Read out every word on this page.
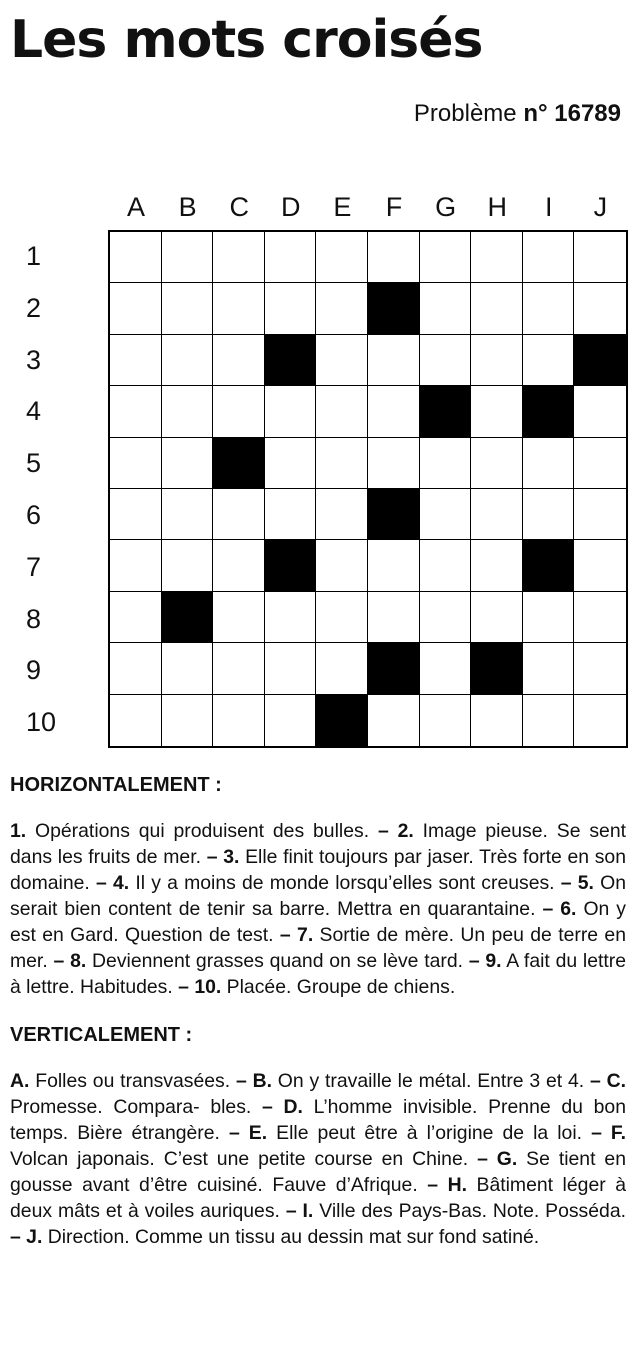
Les mots croisés
Problème n° 16789
A	B	C	D	E	F	G	H	I	J
1
2
3
4
5
6
7
8
9
10

HORIZONTALEMENT :

1. Opérations qui produisent des bulles. – 2. Image pieuse. Se sent dans les fruits de mer. – 3. Elle finit toujours par jaser. Très forte en son domaine. – 4. Il y a moins de monde lorsqu’elles sont creuses. – 5. On serait bien content de tenir sa barre. Mettra en quarantaine. – 6. On y est en Gard. Question de test. – 7. Sortie de mère. Un peu de terre en mer. – 8. Deviennent grasses quand on se lève tard. – 9. A fait du lettre à lettre. Habitudes. – 10. Placée. Groupe de chiens.

VERTICALEMENT :

A. Folles ou transvasées. – B. On y travaille le métal. Entre 3 et 4. – C. Promesse. Compara- bles. – D. L’homme invisible. Prenne du bon temps. Bière étrangère. – E. Elle peut être à l’origine de la loi. – F. Volcan japonais. C’est une petite course en Chine. – G. Se tient en gousse avant d’être cuisiné. Fauve d’Afrique. – H. Bâtiment léger à deux mâts et à voiles auriques. – I. Ville des Pays-Bas. Note. Posséda. – J. Direction. Comme un tissu au dessin mat sur fond satiné.
